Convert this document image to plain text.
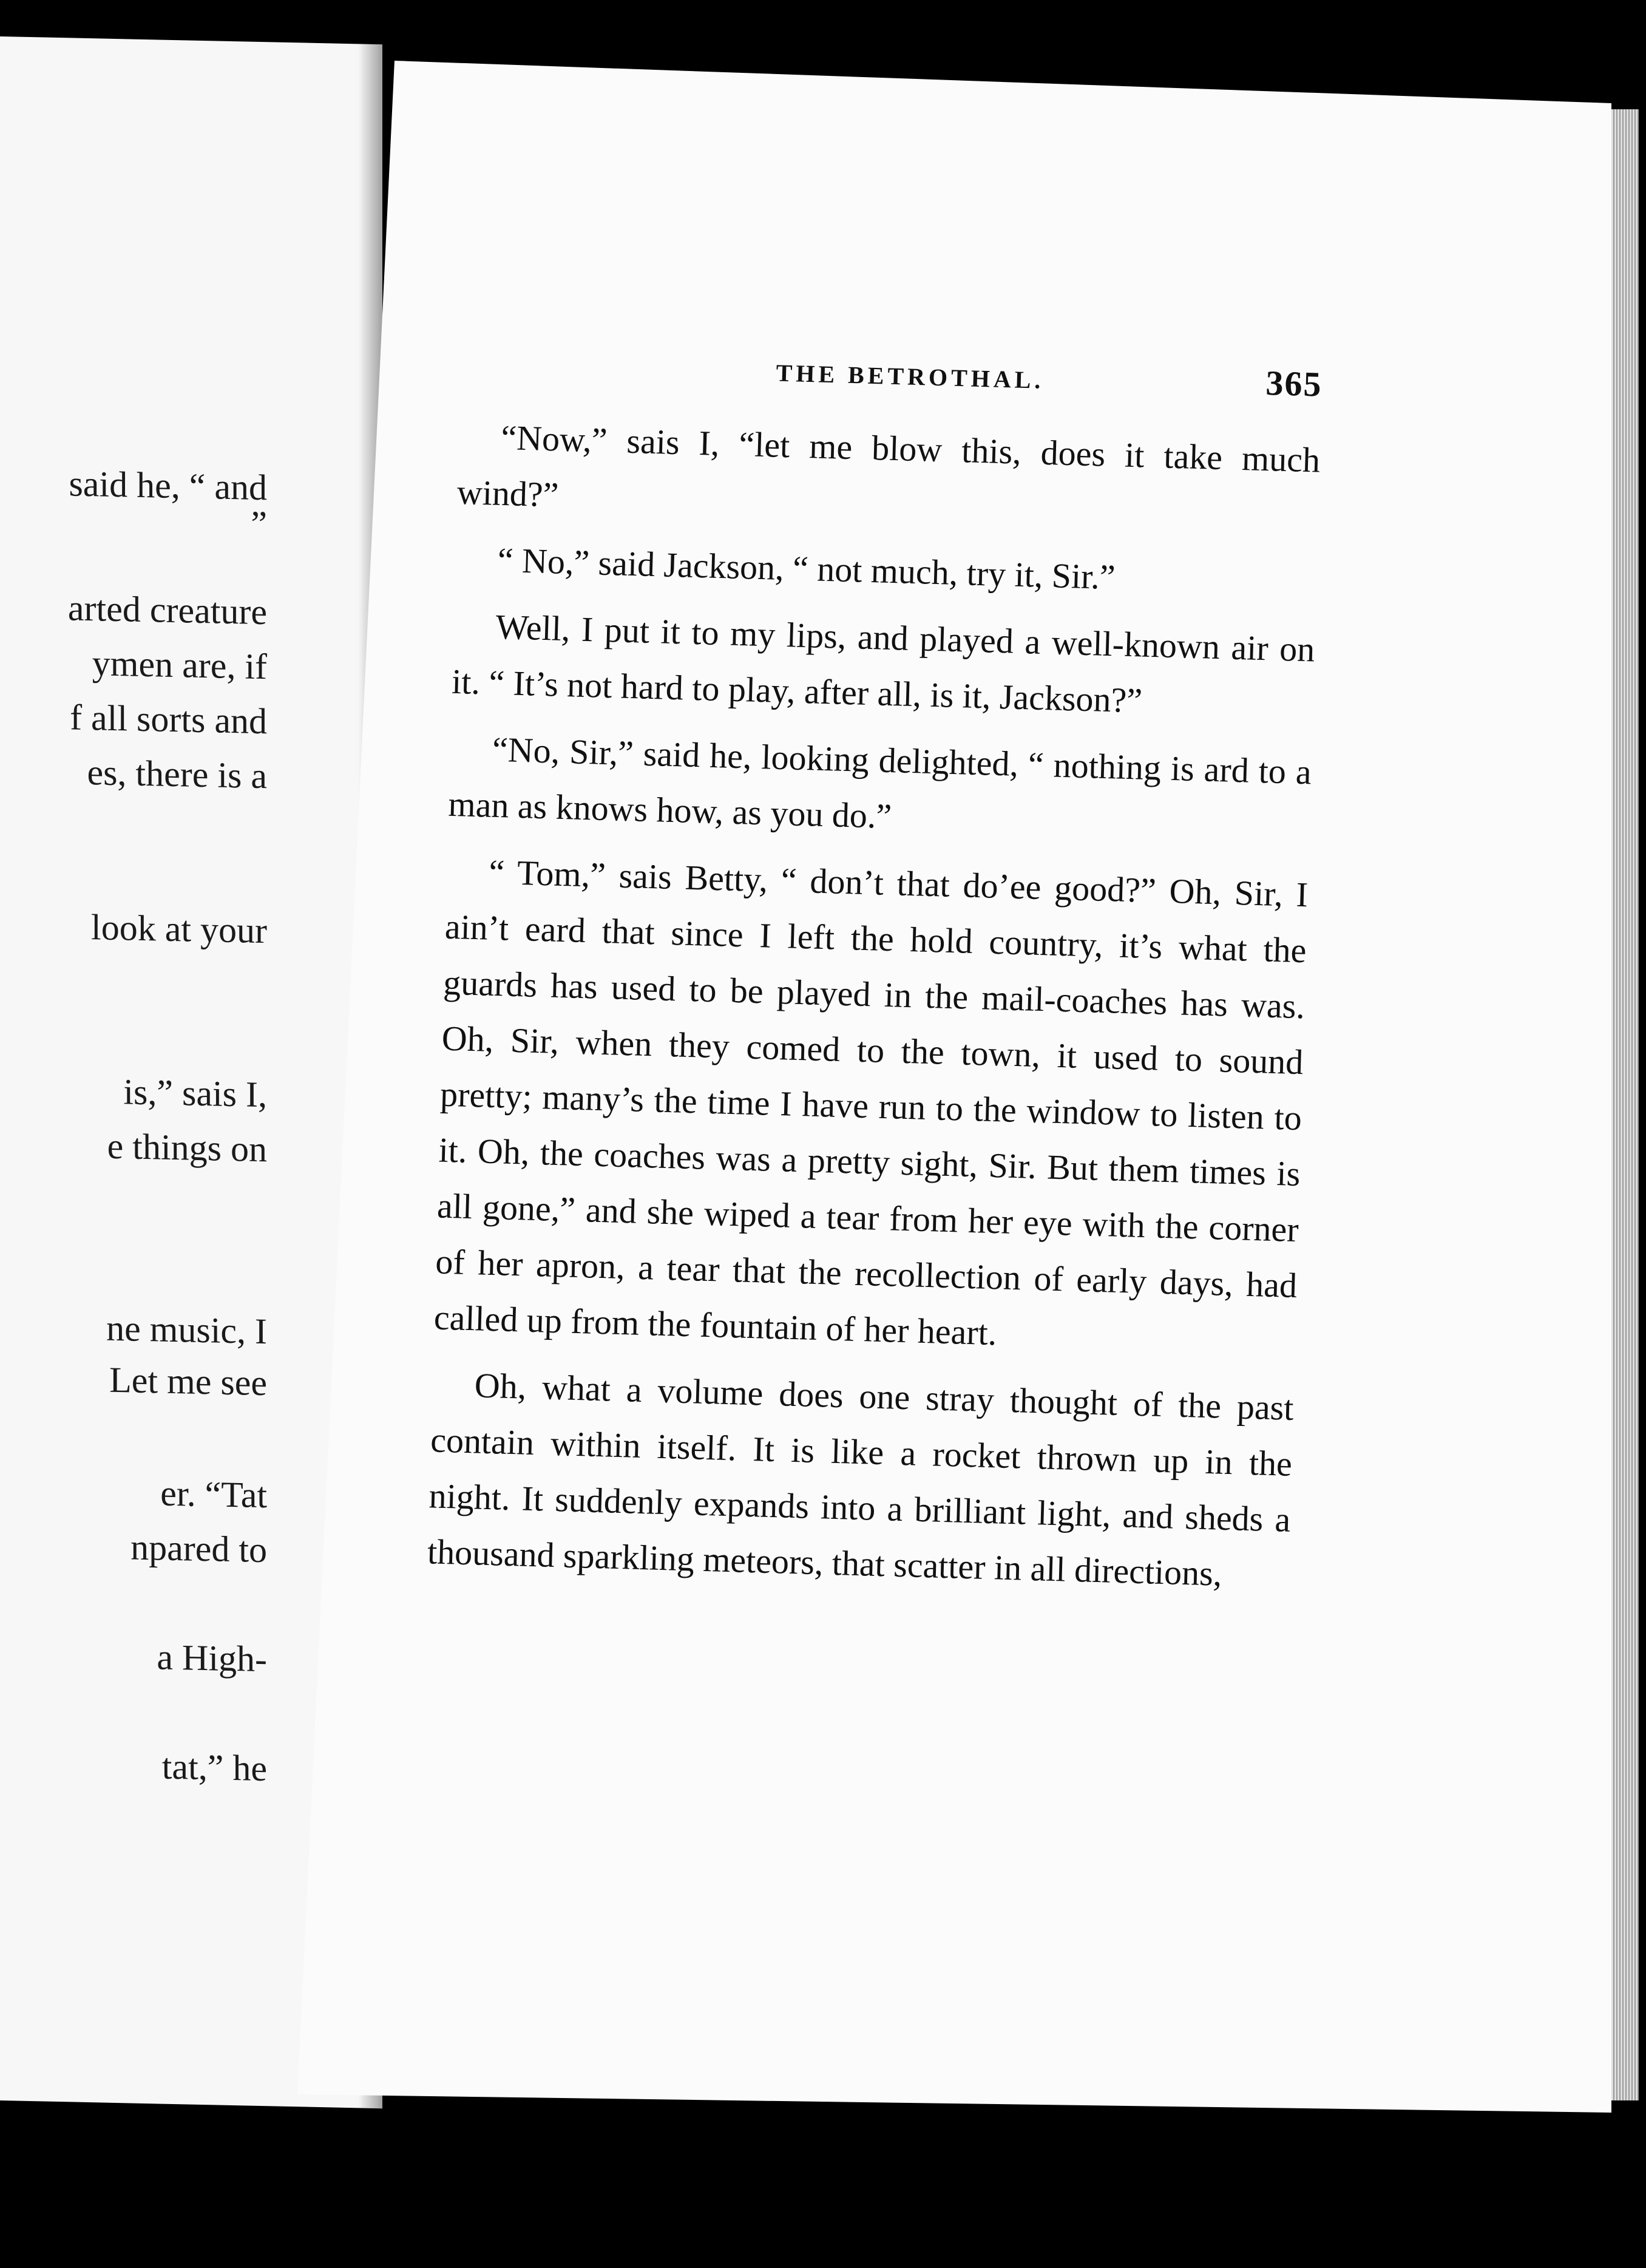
said he, “ and
”
arted creature
ymen are, if
f all sorts and
es, there is a
look at your
is,” sais I,
e things on
ne music, I
Let me see
er. “Tat
npared to
a High-
tat,” he
THE BETROTHAL.	365

“Now,” sais I, “let me blow this, does it take much wind?”

“ No,” said Jackson, “ not much, try it, Sir.”

Well, I put it to my lips, and played a well-known air on it. “ It’s not hard to play, after all, is it, Jackson?”

“No, Sir,” said he, looking delighted, “ nothing is ard to a man as knows how, as you do.”

“ Tom,” sais Betty, “ don’t that do’ee good?” Oh, Sir, I ain’t eard that since I left the hold country, it’s what the guards has used to be played in the mail-coaches has was. Oh, Sir, when they comed to the town, it used to sound pretty; many’s the time I have run to the window to listen to it. Oh, the coaches was a pretty sight, Sir. But them times is all gone,” and she wiped a tear from her eye with the corner of her apron, a tear that the recollection of early days, had called up from the fountain of her heart.

Oh, what a volume does one stray thought of the past contain within itself. It is like a rocket thrown up in the night. It suddenly expands into a brilliant light, and sheds a thousand sparkling meteors, that scatter in all directions,
